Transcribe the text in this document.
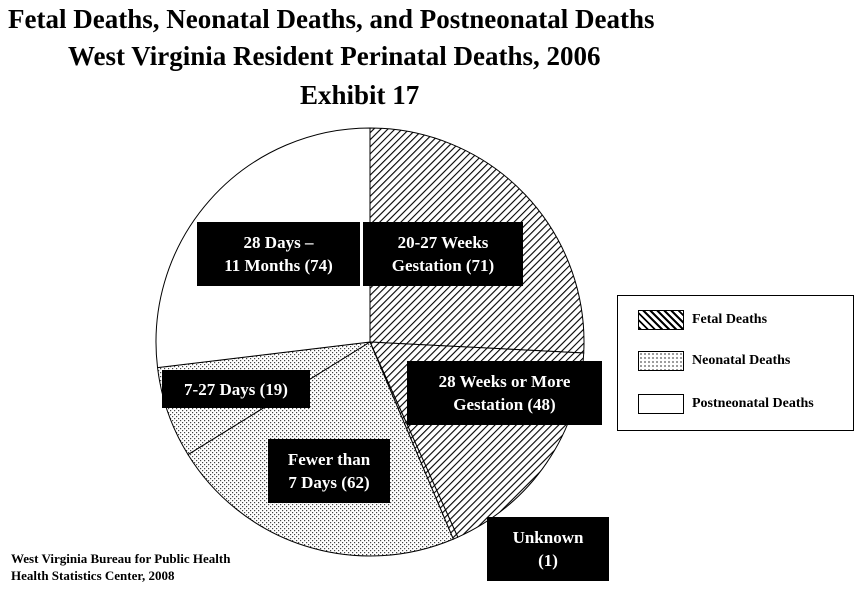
Fetal Deaths, Neonatal Deaths, and Postneonatal Deaths
West Virginia Resident Perinatal Deaths, 2006
Exhibit 17
20-27 Weeks
Gestation (71)
28 Weeks or More
Gestation (48)
Unknown
(1)
Fewer than
7 Days (62)
7-27 Days (19)
28 Days –
11 Months (74)
Fetal Deaths
Neonatal Deaths
Postneonatal Deaths
West Virginia Bureau for Public Health
Health Statistics Center, 2008
